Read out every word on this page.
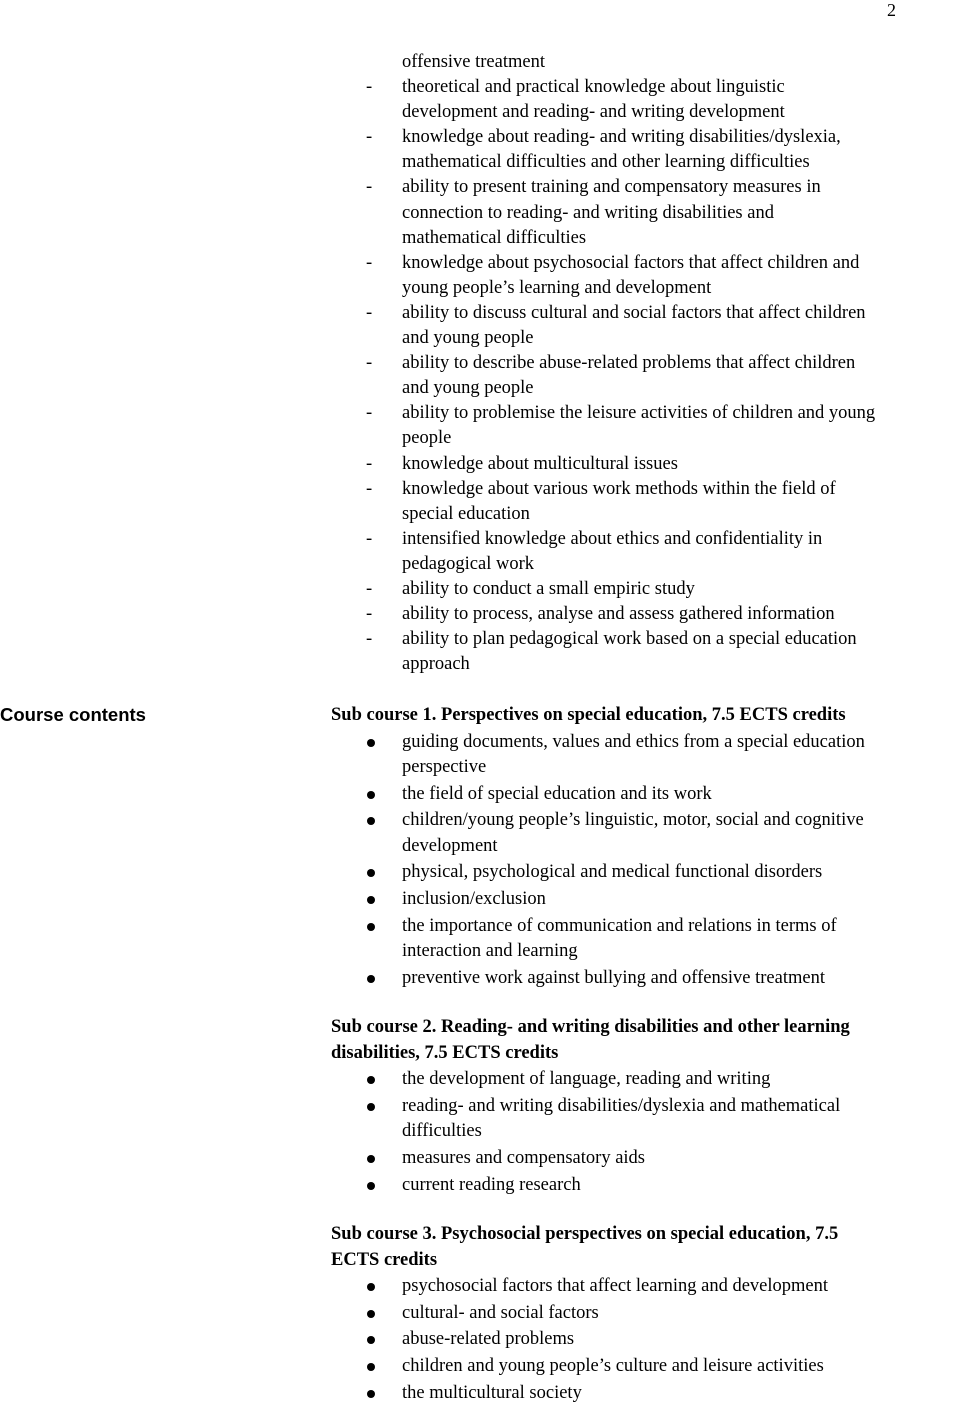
2
offensive treatment
theoretical and practical knowledge about linguistic
development and reading- and writing development
-
knowledge about reading- and writing disabilities/dyslexia,
mathematical difficulties and other learning difficulties
-
ability to present training and compensatory measures in
connection to reading- and writing disabilities and
mathematical difficulties
-
knowledge about psychosocial factors that affect children and
young people’s learning and development
-
ability to discuss cultural and social factors that affect children
and young people
-
ability to describe abuse-related problems that affect children
and young people
-
ability to problemise the leisure activities of children and young
people
-
knowledge about multicultural issues
-
knowledge about various work methods within the field of
special education
-
intensified knowledge about ethics and confidentiality in
pedagogical work
-
ability to conduct a small empiric study
-
ability to process, analyse and assess gathered information
-
ability to plan pedagogical work based on a special education
approach
-
Course contents	Sub course 1. Perspectives on special education, 7.5 ECTS credits
guiding documents, values and ethics from a special education
perspective
the field of special education and its work
children/young people’s linguistic, motor, social and cognitive
development
physical, psychological and medical functional disorders
inclusion/exclusion
the importance of communication and relations in terms of
interaction and learning
preventive work against bullying and offensive treatment
Sub course 2. Reading- and writing disabilities and other learning
disabilities, 7.5 ECTS credits
the development of language, reading and writing
reading- and writing disabilities/dyslexia and mathematical
difficulties
measures and compensatory aids
current reading research
Sub course 3. Psychosocial perspectives on special education, 7.5
ECTS credits
psychosocial factors that affect learning and development
cultural- and social factors
abuse-related problems
children and young people’s culture and leisure activities
the multicultural society
